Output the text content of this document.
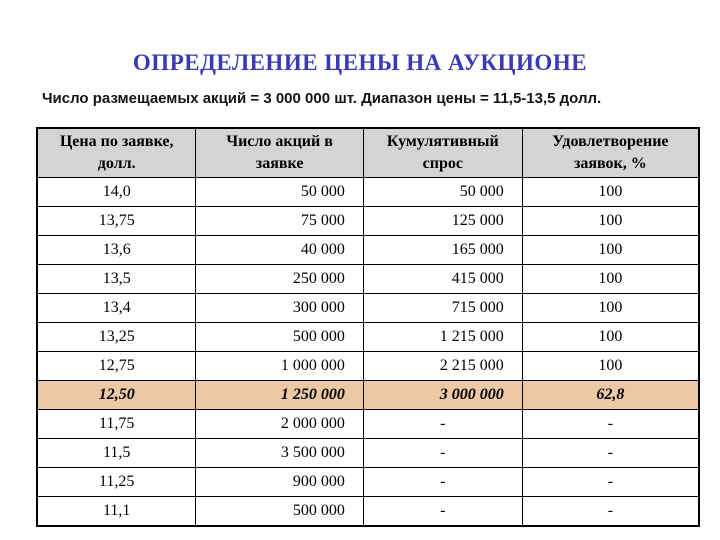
ОПРЕДЕЛЕНИЕ ЦЕНЫ НА АУКЦИОНЕ
Число размещаемых акций = 3 000 000 шт. Диапазон цены = 11,5-13,5 долл.
Цена по заявке, долл.	Число акций в заявке	Кумулятивный спрос	Удовлетворение заявок, %
14,0	50 000	50 000	100
13,75	75 000	125 000	100
13,6	40 000	165 000	100
13,5	250 000	415 000	100
13,4	300 000	715 000	100
13,25	500 000	1 215 000	100
12,75	1 000 000	2 215 000	100
12,50	1 250 000	3 000 000	62,8
11,75	2 000 000	-	-
11,5	3 500 000	-	-
11,25	900 000	-	-
11,1	500 000	-	-
